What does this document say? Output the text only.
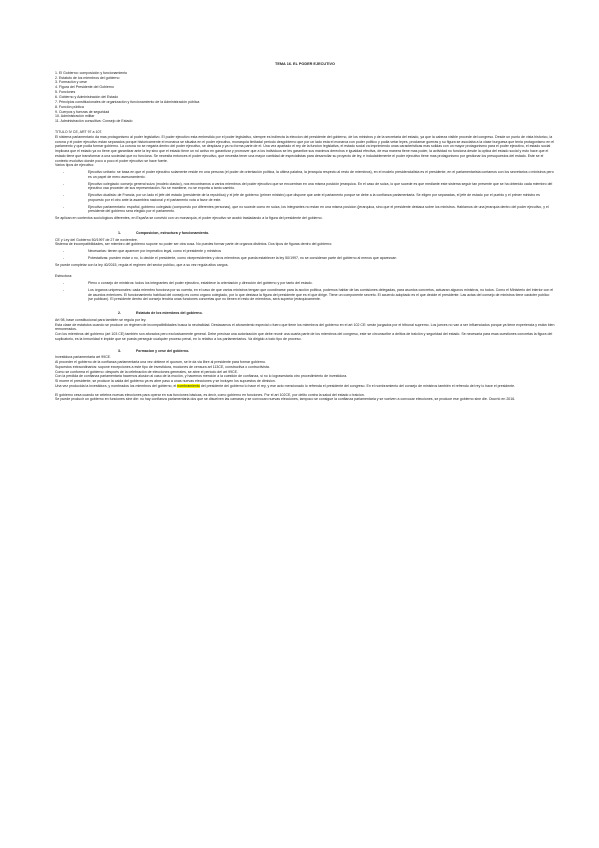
TEMA 16. EL PODER EJECUTIVO
1. El Gobierno: composición y funcionamiento
2. Estatuto de los miembros del gobierno
3. Formación y cese
4. Figura del Presidente del Gobierno
5. Funciones
6. Gobierno y Administración del Estado
7. Principios constitucionales de organización y funcionamiento de la Administración pública
8. Función pública
9. Cuerpos y fuerzas de seguridad
10. Administración militar
11. Administración consultiva: Consejo de Estado

TITULO IV CE, ART 97 a 107.

El sistema parlamentario da mas protagonismo al poder legislativo. El poder ejecutivo esta embestido por el poder legislativo, siempre es indirecta la eleccion del presidente del gobierno, de los ministros y de la secretaria del estado, ya que la cabeza visible procede del congreso. Desde un punto de vista historico, la corona y el poder ejecutivo estan separados porque historicamente el monarca se situaba en el poder ejecutivo, monarquia limitada/ periodo desgobierno que por un lado esta el monarca con poder politico y podia vetar leyes, proclamar guerras y su figura se asociaba a la clase burguesa que tenia protagonismo en el parlamento y que podia formar gobierno. La corona no se negaria dentro del poder ejecutivo, se desplaza y ya no forma parte de el. Una vez apartado el rey de la funcion legislativa, el estado social va imprimiendo unas caracteristicas mas solidas con un mayor protagonismo para el poder ejecutivo, el estado social implicara que el estado ya no tiene que garantizar ante la ley sino que el estado tiene un rol activo en garantizar y promover que a los individuos se les garantice sus maximos derechos e igualdad efectiva, de esa manera tiene mas poder, la actividad no funciona desde la optica del estado social y esto hace que el estado tiene que transformar a una sociedad que no funciona. Se necesita entonces el poder ejecutivo, que necesita tener una mayor cantidad de especialistas para desarrollar su proyecto de ley, e indudablemente el poder ejecutivo tiene mas protagonismo por gestionar los presupuestos del estado. Este se el contexto evolutivo donde poco a poco el poder ejecutivo se hace fuerte.

Varios tipos de ejecutivo:

- Ejecutivo unitario: se basa en que el poder ejecutivo solamente reside en una persona (el poder de orientación política, la ultima palabra, la jerarquía respecto al resto de miembros), en el modelo presidencialista es el presidente, en el parlamentarista contamos con los secretarios o ministros pero es un papel de mero asesoramiento.
- Ejecutivo colegiado: consejo general suizo (modelo clasico), nos encontramos a varios miembros del poder ejecutivo que se encuentran en una misma posición jerarquica. En el caso de suiza, lo que sucede es que mediante este sistema seguir tan presente que se ha obtenido cada miembro del ejecutivo vaa proceder de sus representación. No se mantiene, no se exporta a tanto cambio.
- Ejecutivo dualista: de Francia, por un lado el jefe del estado (presidente de la republica) y el jefe de gobierno (primer ministro) que dispone que ante el parlamento porque se debe a la confianza parlamentaria. Se eligen por separadas, el jefe de estado por el pueblo y el primer ministro es propuesto por el otro ante la asamblea nacional y el parlamento vota a favor de este.
- Ejecutivo parlamentario: español, gobierno colegiado (compuesto por diferentes personas), que no sucede como en suiza, los integrantes no estan en una misma posicion (jerarquica, sino que el presidente destaca sobre los ministros. Hablamos de una jerarquía dentro del poder ejecutivo, y el presidente del gobierno sera elegido por el parlamento.

Se aplican en contextos sociológicos diferentes, en España se convivió con un monarquía, el poder ejecutivo se acabó trasladando a la figura del presidente del gobierno.

1.	Composicion, estructura y funcionamiento.

CE y Ley del Gobierno 50/1997 de 27 de noviembre.

Sistema de incompatibilidades, ser miembro del gobierno supone no poder ser otra cosa. No puedes formar parte de organos distintos. Dos tipos de figuras dentro del gobierno:

- Necesarias: tienen que aparecer por imperativo legal, como el presidente y ministros
- Potestativas: pueden estar o no, lo decide el presidente, como vicepresidentes y otros miembros que pueda establecer la ley 50/1997, no se consideran parte del gobierno al menos que aparezcan

Se puede completar con la ley 40/2015, regula el regimen del sector publico, que a su vez regula altos cargos.

Estructura:

- Pleno o consejo de ministros: todos los integrantes del poder ejecutivo, establece la orientación y dirección del gobierno y por tanto del estado.
- Los órganos unipersonales: cada miembro funciona por su cuenta, en el caso de que varios ministros tengan que coordinarse para la acción política, podemos hablar de las comisiones delegadas, para asuntos concretos, actuaran algunos ministros, no todos. Como el Ministerio del interior con el de asuntos exteriores. El funcionamiento habitual del consejo es como organo colegiado, por lo que destaca la figura del presidente que es el que dirige. Tiene un componente secreto. El acuerdo adoptado es el que decide el presidente. Las actas del consejo de ministros tiene carácter publico (se publican). El presidente dentro del consejo tendría unas funciones concretas que no tienen el resto de miembros, será superior jerárquicamente.
2.	Estatuto de los miembros del gobierno.

Art 98, base constitucional para también se regula por ley.

Esta clase de estatutos cuando se produce un régimen de incompatibilidades busca la neutralidad. Destacamos el aforamiento especial o fuero que tiene los miembros del gobierno en el art 102 CE: serán juzgados por el tribunal supremo. Los jueces no van a ser influenciados porque ya tiene experiencia y están bien remunerados.

Con los miembros del gobierno (art 103 CE) también son aforados pero exclusivamente general. Debe precisar una autorización que debe reunir una cuarta parte de los miembros del congreso, este se circunscribe a delitos de traición y seguridad del estado. Se necesaria para esas cuestiones concretas la figura del suplicatorio, es la inmunidad e impide que se pueda perseguir cualquier proceso penal, en lo relativo a los parlamentarios. Va dirigido a todo tipo de proceso.

3.	Formacion y cese del gobierno.

Investidura parlamentaria art 99CE.

Al proceder el gobierno de la confianza parlamentaria una vez obtiene el quorum, se le da via libre al presidente para formar gobierno.

Supuestos extraordinarios: supone excepciones a este tipo de investidura, mociones de censura art 113CE, constructiva o contructivista.

Como se conforma el gobierno: después de la celebración de elecciones generales, se abre el periodo del art 99CE.

Con la perdida de confianza parlamentaria hacemos alusion al caso de la moción, y hacemos mención a la cuestión de confianza, si no lo lograsestaria otro procedimiento de investidura.

Si muere el presidente, se produce la caida del gobierno ya es abre paso a unas nuevas elecciones y se incluyen los supuestos de dimision.

Una vez producida la investidura, y nombrados los miembros del gobierno, el nombramiento del presidente del gobierno lo hace el rey, y ese acto mencionado lo refrenda el presidente del congreso. En el nombramiento del consejo de ministros también el refrendo del rey lo hace el presidente.

El gobierno cesa cuando se celebra nuevas elecciones para operar en sus funciones básicas, es decir, como gobierno en funciones. Por el art 102CE, por delito contra la salud del estado o traicion.

Se puede producir un gobierno en funciones sine die: no hay confianza parlamentaria dos que se disuelven las camaras y se convocan nuevas elecciones, tampoco se consigue la confianza parlamentaria y se vuelven a convocar elecciones, se produce ese gobierno sine die. Ocurrió en 2016.
